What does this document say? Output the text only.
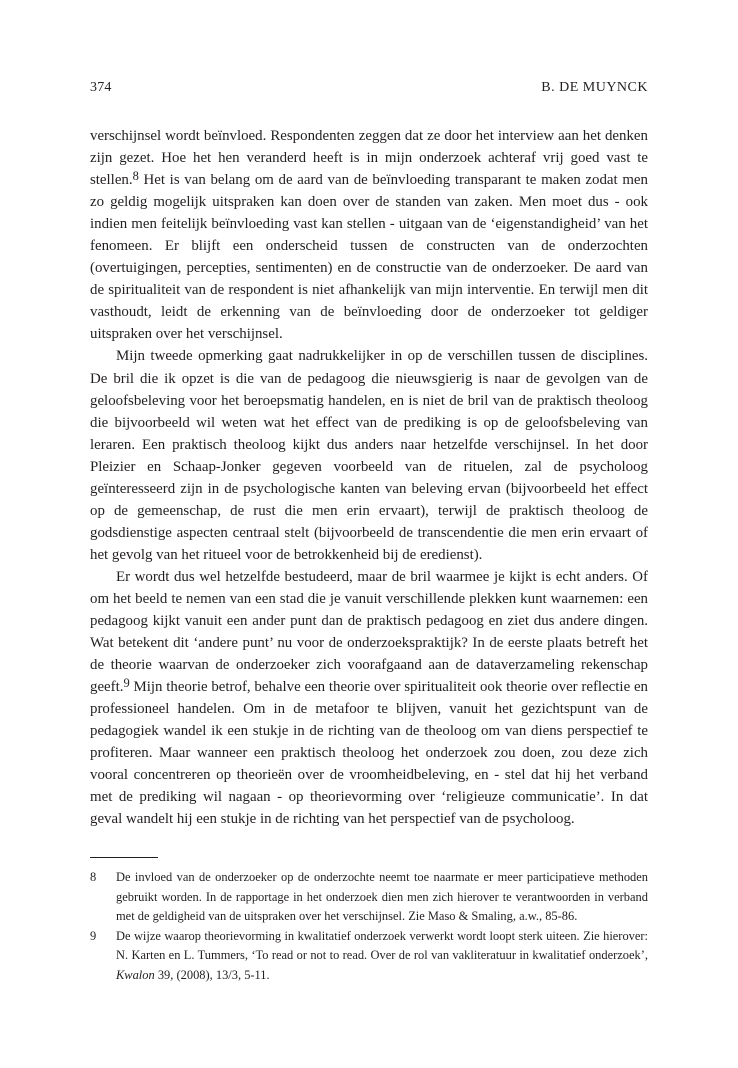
374	B. DE MUYNCK

verschijnsel wordt beïnvloed. Respondenten zeggen dat ze door het interview aan het denken zijn gezet. Hoe het hen veranderd heeft is in mijn onderzoek achteraf vrij goed vast te stellen.$^8$ Het is van belang om de aard van de beïnvloeding transparant te maken zodat men zo geldig mogelijk uitspraken kan doen over de standen van zaken. Men moet dus - ook indien men feitelijk beïnvloeding vast kan stellen - uitgaan van de ‘eigenstandigheid’ van het fenomeen. Er blijft een onderscheid tussen de constructen van de onderzochten (overtuigingen, percepties, sentimenten) en de constructie van de onderzoeker. De aard van de spiritualiteit van de respondent is niet afhankelijk van mijn interventie. En terwijl men dit vasthoudt, leidt de erkenning van de beïnvloeding door de onderzoeker tot geldiger uitspraken over het verschijnsel.

Mijn tweede opmerking gaat nadrukkelijker in op de verschillen tussen de disciplines. De bril die ik opzet is die van de pedagoog die nieuwsgierig is naar de gevolgen van de geloofsbeleving voor het beroepsmatig handelen, en is niet de bril van de praktisch theoloog die bijvoorbeeld wil weten wat het effect van de prediking is op de geloofsbeleving van leraren. Een praktisch theoloog kijkt dus anders naar hetzelfde verschijnsel. In het door Pleizier en Schaap-Jonker gegeven voorbeeld van de rituelen, zal de psycholoog geïnteresseerd zijn in de psychologische kanten van beleving ervan (bijvoorbeeld het effect op de gemeenschap, de rust die men erin ervaart), terwijl de praktisch theoloog de godsdienstige aspecten centraal stelt (bijvoorbeeld de transcendentie die men erin ervaart of het gevolg van het ritueel voor de betrokkenheid bij de eredienst).

Er wordt dus wel hetzelfde bestudeerd, maar de bril waarmee je kijkt is echt anders. Of om het beeld te nemen van een stad die je vanuit verschillende plekken kunt waarnemen: een pedagoog kijkt vanuit een ander punt dan de praktisch pedagoog en ziet dus andere dingen. Wat betekent dit ‘andere punt’ nu voor de onderzoekspraktijk? In de eerste plaats betreft het de theorie waarvan de onderzoeker zich voorafgaand aan de dataverzameling rekenschap geeft.$^9$ Mijn theorie betrof, behalve een theorie over spiritualiteit ook theorie over reflectie en professioneel handelen. Om in de metafoor te blijven, vanuit het gezichtspunt van de pedagogiek wandel ik een stukje in de richting van de theoloog om van diens perspectief te profiteren. Maar wanneer een praktisch theoloog het onderzoek zou doen, zou deze zich vooral concentreren op theorieën over de vroomheidbeleving, en - stel dat hij het verband met de prediking wil nagaan - op theorievorming over ‘religieuze communicatie’. In dat geval wandelt hij een stukje in de richting van het perspectief van de psycholoog.

8 De invloed van de onderzoeker op de onderzochte neemt toe naarmate er meer participatieve methoden gebruikt worden. In de rapportage in het onderzoek dien men zich hierover te verantwoorden in verband met de geldigheid van de uitspraken over het verschijnsel. Zie Maso & Smaling, a.w., 85-86.
9 De wijze waarop theorievorming in kwalitatief onderzoek verwerkt wordt loopt sterk uiteen. Zie hierover: N. Karten en L. Tummers, ‘To read or not to read. Over de rol van vakliteratuur in kwalitatief onderzoek’, Kwalon 39, (2008), 13/3, 5-11.
